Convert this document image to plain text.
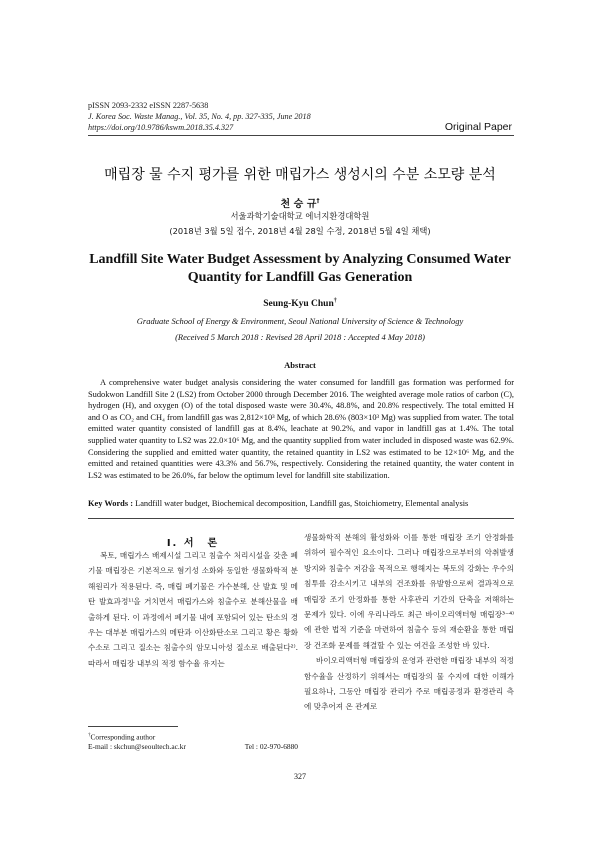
pISSN 2093-2332 eISSN 2287-5638
J. Korea Soc. Waste Manag., Vol. 35, No. 4, pp. 327-335, June 2018
https://doi.org/10.9786/kswm.2018.35.4.327	Original Paper
매립장 물 수지 평가를 위한 매립가스 생성시의 수분 소모량 분석
천 승 규†
서울과학기술대학교 에너지환경대학원
(2018년 3월 5일 접수, 2018년 4월 28일 수정, 2018년 5월 4일 채택)
Landfill Site Water Budget Assessment by Analyzing Consumed Water Quantity for Landfill Gas Generation
Seung-Kyu Chun†
Graduate School of Energy & Environment, Seoul National University of Science & Technology
(Received 5 March 2018 : Revised 28 April 2018 : Accepted 4 May 2018)
Abstract

A comprehensive water budget analysis considering the water consumed for landfill gas formation was performed for Sudokwon Landfill Site 2 (LS2) from October 2000 through December 2016. The weighted average mole ratios of carbon (C), hydrogen (H), and oxygen (O) of the total disposed waste were 30.4%, 48.8%, and 20.8% respectively. The total emitted H and O as CO₂ and CH₄ from landfill gas was 2,812×10³ Mg, of which 28.6% (803×10³ Mg) was supplied from water. The total emitted water quantity consisted of landfill gas at 8.4%, leachate at 90.2%, and vapor in landfill gas at 1.4%. The total supplied water quantity to LS2 was 22.0×10⁶ Mg, and the quantity supplied from water included in disposed waste was 62.9%. Considering the supplied and emitted water quantity, the retained quantity in LS2 was estimated to be 12×10⁶ Mg, and the emitted and retained quantities were 43.3% and 56.7%, respectively. Considering the retained quantity, the water content in LS2 was estimated to be 26.0%, far below the optimum level for landfill site stabilization.

Key Words : Landfill water budget, Biochemical decomposition, Landfill gas, Stoichiometry, Elemental analysis
I. 서　론

복토, 매립가스 배제시설 그리고 침출수 처리시설을 갖춘 폐기물 매립장은 기본적으로 혐기성 소화와 동일한 생물화학적 분해원리가 적용된다. 즉, 매립 폐기물은 가수분해, 산 발효 및 메탄 발효과정¹⁾을 거치면서 매립가스와 침출수로 분해산물을 배출하게 된다. 이 과정에서 폐기물 내에 포함되어 있는 탄소의 경우는 대부분 매립가스의 메탄과 이산화탄소로 그리고 황은 황화수소로 그리고 질소는 침출수의 암모니아성 질소로 배출된다²⁾. 따라서 매립장 내부의 적정 함수율 유지는

생물화학적 분해의 활성화와 이를 통한 매립장 조기 안정화를 위하여 필수적인 요소이다. 그러나 매립장으로부터의 악취발생 방지와 침출수 저감을 목적으로 행해지는 복토의 강화는 우수의 침투를 감소시키고 내부의 건조화를 유발함으로써 결과적으로 매립장 조기 안정화를 통한 사후관리 기간의 단축을 저해하는 문제가 있다. 이에 우리나라도 최근 바이오리액터형 매립장³⁻⁴⁾에 관한 법적 기준을 마련하여 침출수 등의 재순환을 통한 매립장 건조화 문제를 해결할 수 있는 여건을 조성한 바 있다.

바이오리액터형 매립장의 운영과 관련한 매립장 내부의 적정 함수율을 산정하기 위해서는 매립장의 물 수지에 대한 이해가 필요하나, 그동안 매립장 관리가 주로 매립공정과 환경관리 측에 맞추어져 온 관계로

†Corresponding author
E-mail : skchun@seoultech.ac.kr	Tel : 02-970-6880
327
